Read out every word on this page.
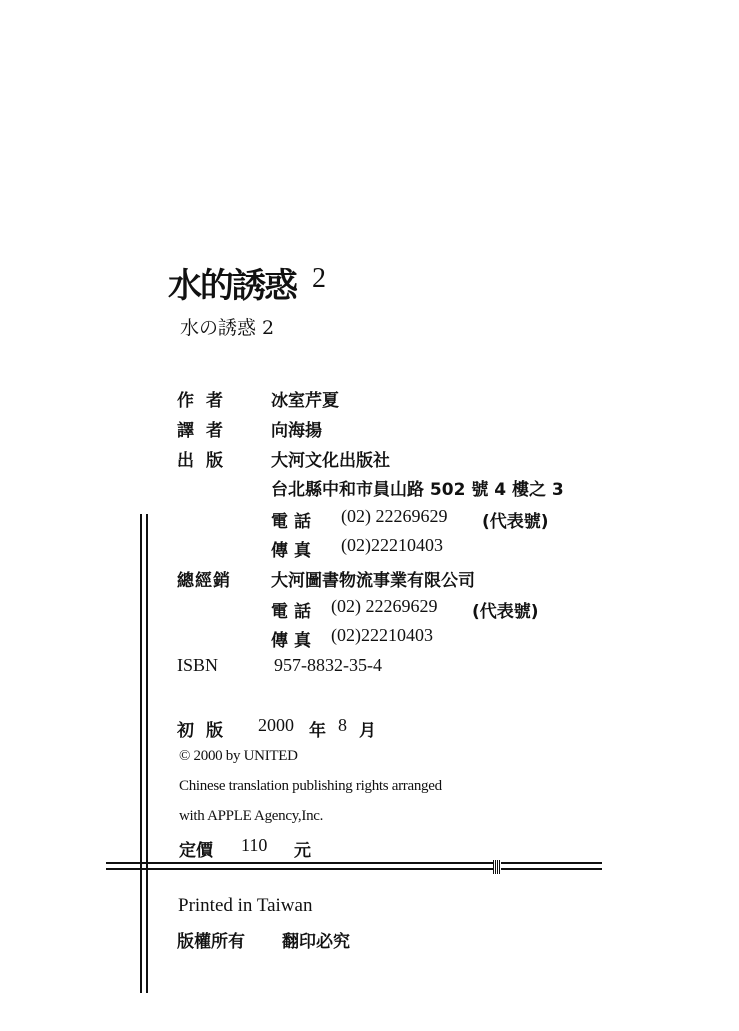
水的誘惑 2
水の誘惑 2
作者 冰室芹夏
譯者 向海揚
出版 大河文化出版社
台北縣中和市員山路 502 號 4 樓之 3
電話 (02) 22269629 (代表號)
傳真 (02)22210403
總經銷 大河圖書物流事業有限公司
電話 (02) 22269629 (代表號)
傳真 (02)22210403
ISBN	957-8832-35-4
初版 2000 年 8 月
© 2000 by UNITED
Chinese translation publishing rights arranged
with APPLE Agency,Inc.
定價 110 元
Printed in Taiwan
版權所有 翻印必究
